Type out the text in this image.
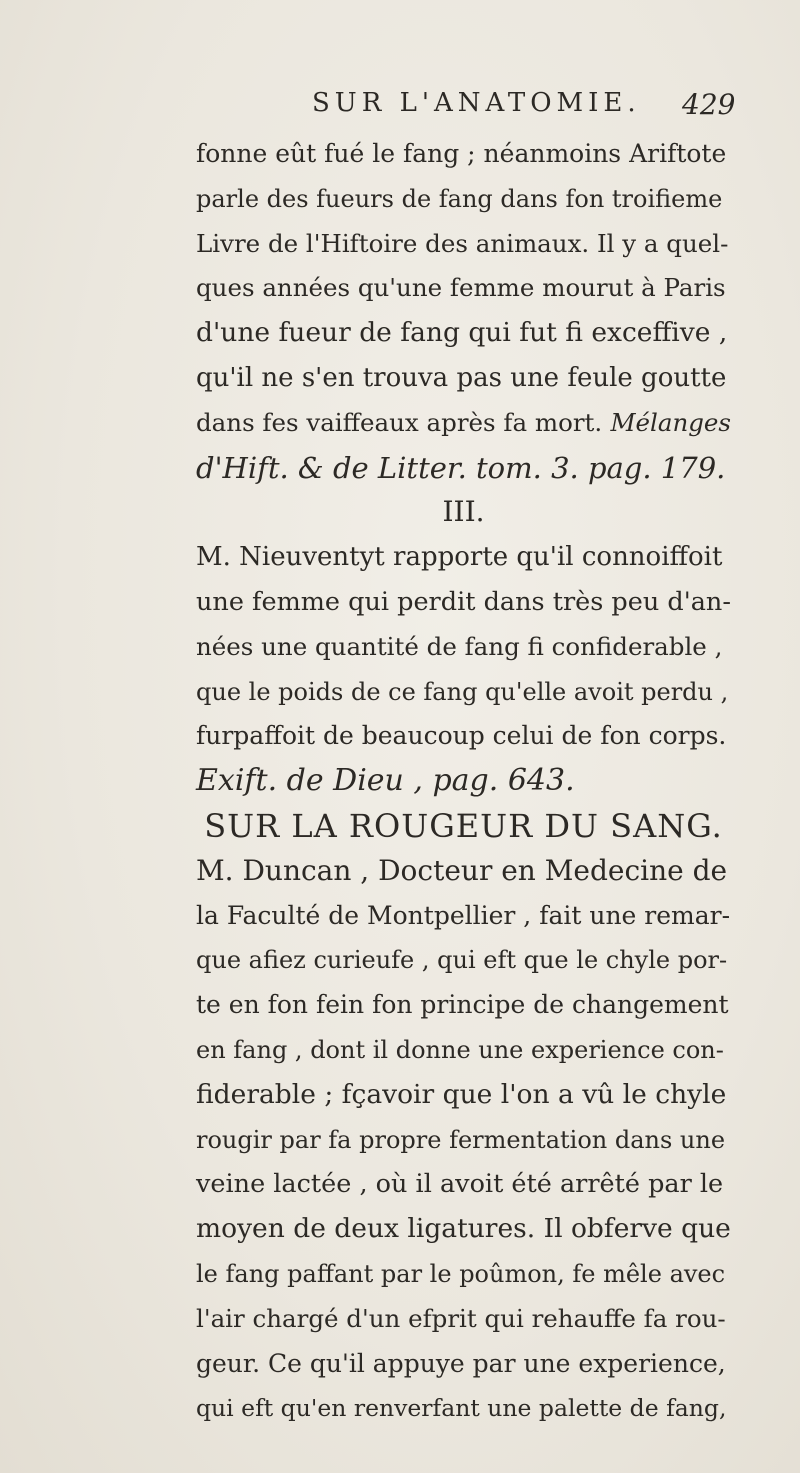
SUR L'ANATOMIE. 429
fonne eût fué le fang ; néanmoins Ariftote
parle des fueurs de fang dans fon troifieme
Livre de l'Hiftoire des animaux. Il y a quel-
ques années qu'une femme mourut à Paris
d'une fueur de fang qui fut fi exceffive ,
qu'il ne s'en trouva pas une feule goutte
dans fes vaiffeaux après fa mort. Mélanges
d'Hift. & de Litter. tom. 3. pag. 179.
III.
M. Nieuventyt rapporte qu'il connoiffoit
une femme qui perdit dans très peu d'an-
nées une quantité de fang fi confiderable ,
que le poids de ce fang qu'elle avoit perdu ,
furpaffoit de beaucoup celui de fon corps.
Exift. de Dieu , pag. 643.
SUR LA ROUGEUR DU SANG.
M. Duncan , Docteur en Medecine de
la Faculté de Montpellier , fait une remar-
que afiez curieufe , qui eft que le chyle por-
te en fon fein fon principe de changement
en fang , dont il donne une experience con-
fiderable ; fçavoir que l'on a vû le chyle
rougir par fa propre fermentation dans une
veine lactée , où il avoit été arrêté par le
moyen de deux ligatures. Il obferve que
le fang paffant par le poûmon, fe mêle avec
l'air chargé d'un efprit qui rehauffe fa rou-
geur. Ce qu'il appuye par une experience,
qui eft qu'en renverfant une palette de fang,
